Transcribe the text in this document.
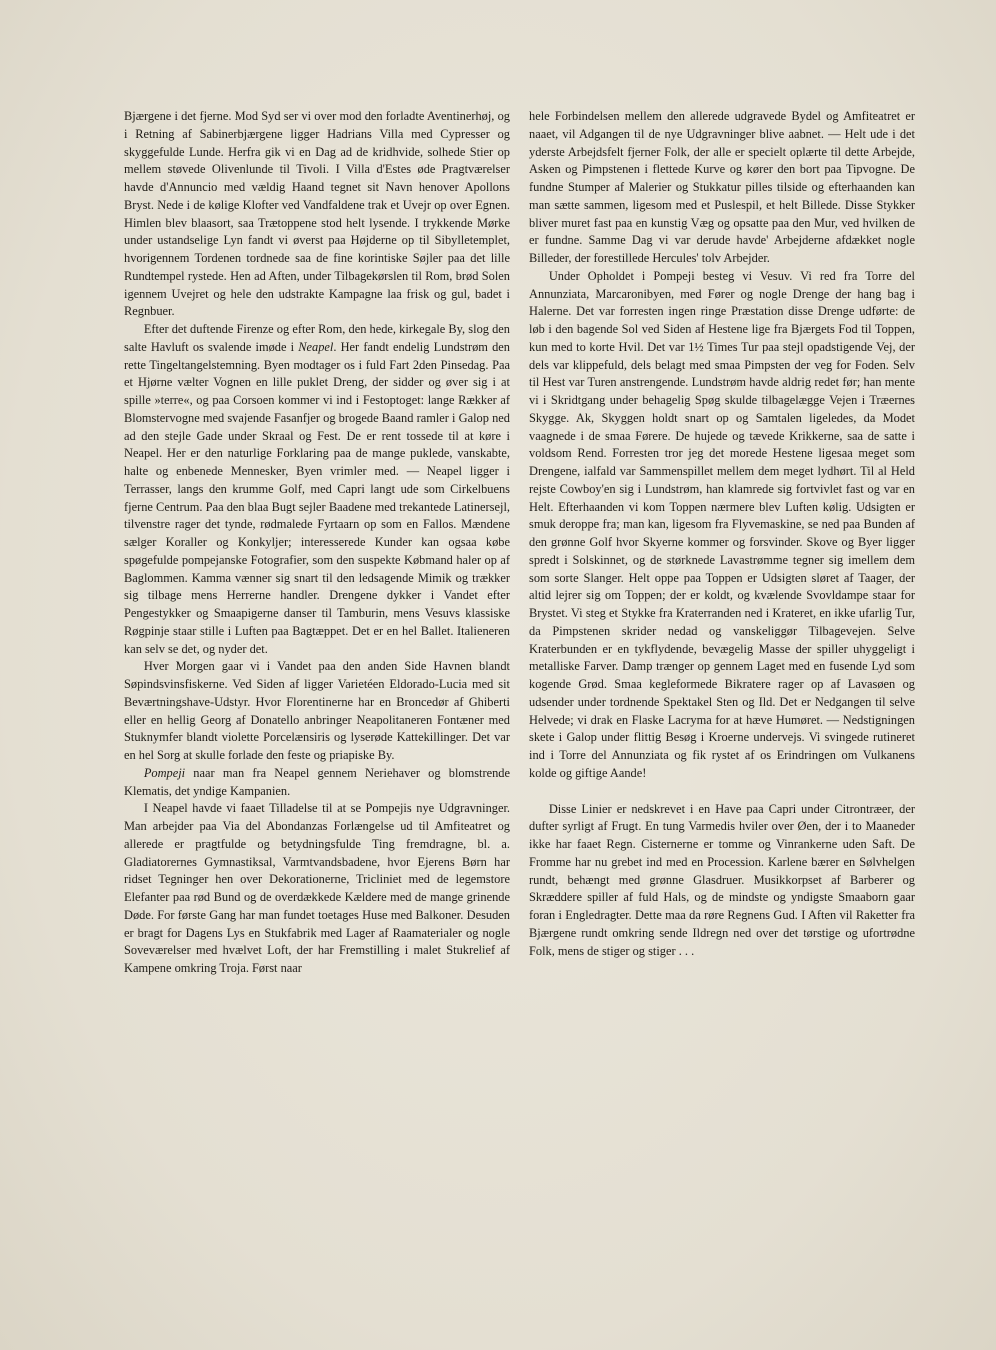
Bjærgene i det fjerne. Mod Syd ser vi over mod den forladte Aventinerhøj, og i Retning af Sabinerbjærgene ligger Hadrians Villa med Cypresser og skyggefulde Lunde. Herfra gik vi en Dag ad de kridhvide, solhede Stier op mellem støvede Olivenlunde til Tivoli. I Villa d'Estes øde Pragtværelser havde d'Annuncio med vældig Haand tegnet sit Navn henover Apollons Bryst. Nede i de kølige Klofter ved Vandfaldene trak et Uvejr op over Egnen. Himlen blev blaasort, saa Trætoppene stod helt lysende. I trykkende Mørke under ustandselige Lyn fandt vi øverst paa Højderne op til Sibylletemplet, hvorigennem Tordenen tordnede saa de fine korintiske Søjler paa det lille Rundtempel rystede. Hen ad Aften, under Tilbagekørslen til Rom, brød Solen igennem Uvejret og hele den udstrakte Kampagne laa frisk og gul, badet i Regnbuer.

Efter det duftende Firenze og efter Rom, den hede, kirkegale By, slog den salte Havluft os svalende imøde i Neapel. Her fandt endelig Lundstrøm den rette Tingeltangelstemning. Byen modtager os i fuld Fart 2den Pinsedag. Paa et Hjørne vælter Vognen en lille puklet Dreng, der sidder og øver sig i at spille »terre«, og paa Corsoen kommer vi ind i Festoptoget: lange Rækker af Blomstervogne med svajende Fasanfjer og brogede Baand ramler i Galop ned ad den stejle Gade under Skraal og Fest. De er rent tossede til at køre i Neapel. Her er den naturlige Forklaring paa de mange puklede, vanskabte, halte og enbenede Mennesker, Byen vrimler med. — Neapel ligger i Terrasser, langs den krumme Golf, med Capri langt ude som Cirkelbuens fjerne Centrum. Paa den blaa Bugt sejler Baadene med trekantede Latinersejl, tilvenstre rager det tynde, rødmalede Fyrtaarn op som en Fallos. Mændene sælger Koraller og Konkyljer; interesserede Kunder kan ogsaa købe spøgefulde pompejanske Fotografier, som den suspekte Købmand haler op af Baglommen. Kamma vænner sig snart til den ledsagende Mimik og trækker sig tilbage mens Herrerne handler. Drengene dykker i Vandet efter Pengestykker og Smaapigerne danser til Tamburin, mens Vesuvs klassiske Røgpinje staar stille i Luften paa Bagtæppet. Det er en hel Ballet. Italieneren kan selv se det, og nyder det.

Hver Morgen gaar vi i Vandet paa den anden Side Havnen blandt Søpindsvinsfiskerne. Ved Siden af ligger Varietéen Eldorado-Lucia med sit Beværtningshave-Udstyr. Hvor Florentinerne har en Broncedør af Ghiberti eller en hellig Georg af Donatello anbringer Neapolitaneren Fontæner med Stuknymfer blandt violette Porcelænsiris og lyserøde Kattekillinger. Det var en hel Sorg at skulle forlade den feste og priapiske By.

Pompeji naar man fra Neapel gennem Neriehaver og blomstrende Klematis, det yndige Kampanien.

I Neapel havde vi faaet Tilladelse til at se Pompejis nye Udgravninger. Man arbejder paa Via del Abondanzas Forlængelse ud til Amfiteatret og allerede er pragtfulde og betydningsfulde Ting fremdragne, bl. a. Gladiatorernes Gymnastiksal, Varmtvandsbadene, hvor Ejerens Børn har ridset Tegninger hen over Dekorationerne, Tricliniet med de legemstore Elefanter paa rød Bund og de overdækkede Kældere med de mange grinende Døde. For første Gang har man fundet toetages Huse med Balkoner. Desuden er bragt for Dagens Lys en Stukfabrik med Lager af Raamaterialer og nogle Soveværelser med hvælvet Loft, der har Fremstilling i malet Stukrelief af Kampene omkring Troja. Først naar

hele Forbindelsen mellem den allerede udgravede Bydel og Amfiteatret er naaet, vil Adgangen til de nye Udgravninger blive aabnet. — Helt ude i det yderste Arbejdsfelt fjerner Folk, der alle er specielt oplærte til dette Arbejde, Asken og Pimpstenen i flettede Kurve og kører den bort paa Tipvogne. De fundne Stumper af Malerier og Stukkatur pilles tilside og efterhaanden kan man sætte sammen, ligesom med et Puslespil, et helt Billede. Disse Stykker bliver muret fast paa en kunstig Væg og opsatte paa den Mur, ved hvilken de er fundne. Samme Dag vi var derude havde' Arbejderne afdækket nogle Billeder, der forestillede Hercules' tolv Arbejder.

Under Opholdet i Pompeji besteg vi Vesuv. Vi red fra Torre del Annunziata, Marcaronibyen, med Fører og nogle Drenge der hang bag i Halerne. Det var forresten ingen ringe Præstation disse Drenge udførte: de løb i den bagende Sol ved Siden af Hestene lige fra Bjærgets Fod til Toppen, kun med to korte Hvil. Det var 1½ Times Tur paa stejl opadstigende Vej, der dels var klippefuld, dels belagt med smaa Pimpsten der veg for Foden. Selv til Hest var Turen anstrengende. Lundstrøm havde aldrig redet før; han mente vi i Skridtgang under behagelig Spøg skulde tilbagelægge Vejen i Træernes Skygge. Ak, Skyggen holdt snart op og Samtalen ligeledes, da Modet vaagnede i de smaa Førere. De hujede og tævede Krikkerne, saa de satte i voldsom Rend. Forresten tror jeg det morede Hestene ligesaa meget som Drengene, ialfald var Sammenspillet mellem dem meget lydhørt. Til al Held rejste Cowboy'en sig i Lundstrøm, han klamrede sig fortvivlet fast og var en Helt. Efterhaanden vi kom Toppen nærmere blev Luften kølig. Udsigten er smuk deroppe fra; man kan, ligesom fra Flyvemaskine, se ned paa Bunden af den grønne Golf hvor Skyerne kommer og forsvinder. Skove og Byer ligger spredt i Solskinnet, og de størknede Lavastrømme tegner sig imellem dem som sorte Slanger. Helt oppe paa Toppen er Udsigten sløret af Taager, der altid lejrer sig om Toppen; der er koldt, og kvælende Svovldampe staar for Brystet. Vi steg et Stykke fra Kraterranden ned i Krateret, en ikke ufarlig Tur, da Pimpstenen skrider nedad og vanskeliggør Tilbagevejen. Selve Kraterbunden er en tykflydende, bevægelig Masse der spiller uhyggeligt i metalliske Farver. Damp trænger op gennem Laget med en fusende Lyd som kogende Grød. Smaa kegleformede Bikratere rager op af Lavasøen og udsender under tordnende Spektakel Sten og Ild. Det er Nedgangen til selve Helvede; vi drak en Flaske Lacryma for at hæve Humøret. — Nedstigningen skete i Galop under flittig Besøg i Kroerne undervejs. Vi svingede rutineret ind i Torre del Annunziata og fik rystet af os Erindringen om Vulkanens kolde og giftige Aande!

Disse Linier er nedskrevet i en Have paa Capri under Citrontræer, der dufter syrligt af Frugt. En tung Varmedis hviler over Øen, der i to Maaneder ikke har faaet Regn. Cisternerne er tomme og Vinrankerne uden Saft. De Fromme har nu grebet ind med en Procession. Karlene bærer en Sølvhelgen rundt, behængt med grønne Glasdruer. Musikkorpset af Barberer og Skræddere spiller af fuld Hals, og de mindste og yndigste Smaaborn gaar foran i Engledragter. Dette maa da røre Regnens Gud. I Aften vil Raketter fra Bjærgene rundt omkring sende Ildregn ned over det tørstige og ufortrødne Folk, mens de stiger og stiger . . .
